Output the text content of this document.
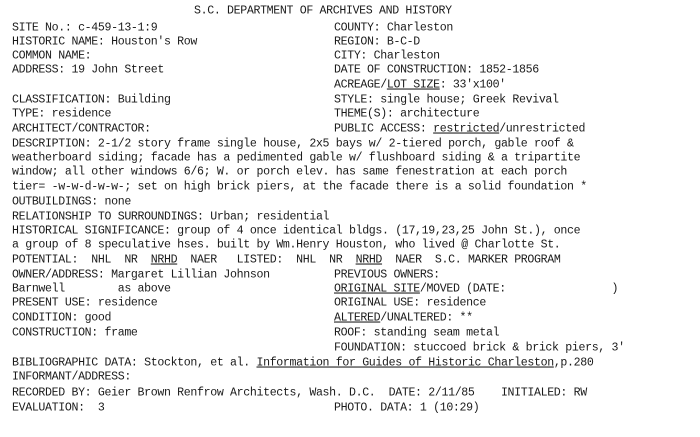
S.C. DEPARTMENT OF ARCHIVES AND HISTORY
SITE No.: c-459-13-1:9	COUNTY: Charleston
HISTORIC NAME: Houston's Row	REGION: B-C-D
COMMON NAME:	CITY: Charleston
ADDRESS: 19 John Street	DATE OF CONSTRUCTION: 1852-1856
ACREAGE/LOT SIZE: 33'x100'
CLASSIFICATION: Building	STYLE: single house; Greek Revival
TYPE: residence	THEME(S): architecture
ARCHITECT/CONTRACTOR:	PUBLIC ACCESS: restricted/unrestricted
DESCRIPTION: 2-1/2 story frame single house, 2x5 bays w/ 2-tiered porch, gable roof &
weatherboard siding; facade has a pedimented gable w/ flushboard siding & a tripartite
window; all other windows 6/6; W. or porch elev. has same fenestration at each porch
tier= -w-w-d-w-w-; set on high brick piers, at the facade there is a solid foundation *
OUTBUILDINGS: none
RELATIONSHIP TO SURROUNDINGS: Urban; residential
HISTORICAL SIGNIFICANCE: group of 4 once identical bldgs. (17,19,23,25 John St.), once
a group of 8 speculative hses. built by Wm.Henry Houston, who lived @ Charlotte St.
POTENTIAL:  NHL  NR  NRHD  NAER   LISTED:  NHL  NR  NRHD  NAER  S.C. MARKER PROGRAM
OWNER/ADDRESS: Margaret Lillian Johnson	PREVIOUS OWNERS:
Barnwell        as above	ORIGINAL SITE/MOVED (DATE:                )
PRESENT USE: residence	ORIGINAL USE: residence
CONDITION: good	ALTERED/UNALTERED: **
CONSTRUCTION: frame	ROOF: standing seam metal
FOUNDATION: stuccoed brick & brick piers, 3'
BIBLIOGRAPHIC DATA: Stockton, et al. Information for Guides of Historic Charleston,p.280
INFORMANT/ADDRESS:
RECORDED BY: Geier Brown Renfrow Architects, Wash. D.C.  DATE: 2/11/85    INITIALED: RW
EVALUATION:  3	PHOTO. DATA: 1 (10:29)
